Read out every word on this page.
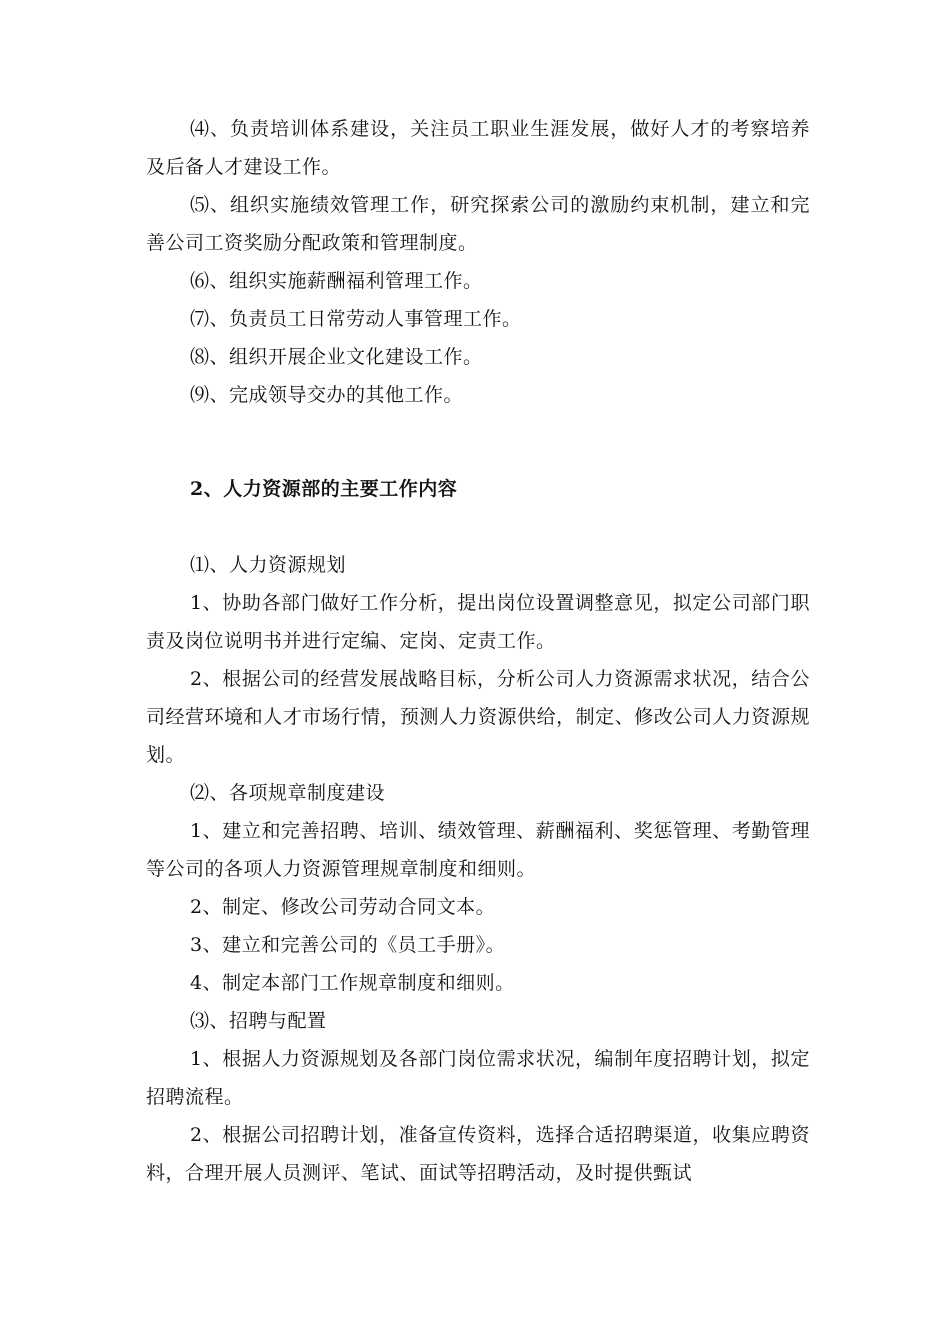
⑷、负责培训体系建设，关注员工职业生涯发展，做好人才的考察培养及后备人才建设工作。

⑸、组织实施绩效管理工作，研究探索公司的激励约束机制，建立和完善公司工资奖励分配政策和管理制度。

⑹、组织实施薪酬福利管理工作。

⑺、负责员工日常劳动人事管理工作。

⑻、组织开展企业文化建设工作。

⑼、完成领导交办的其他工作。

2、人力资源部的主要工作内容

⑴、人力资源规划

1、协助各部门做好工作分析，提出岗位设置调整意见，拟定公司部门职责及岗位说明书并进行定编、定岗、定责工作。

2、根据公司的经营发展战略目标，分析公司人力资源需求状况，结合公司经营环境和人才市场行情，预测人力资源供给，制定、修改公司人力资源规划。

⑵、各项规章制度建设

1、建立和完善招聘、培训、绩效管理、薪酬福利、奖惩管理、考勤管理等公司的各项人力资源管理规章制度和细则。

2、制定、修改公司劳动合同文本。

3、建立和完善公司的《员工手册》。

4、制定本部门工作规章制度和细则。

⑶、招聘与配置

1、根据人力资源规划及各部门岗位需求状况，编制年度招聘计划，拟定招聘流程。

2、根据公司招聘计划，准备宣传资料，选择合适招聘渠道，收集应聘资料，合理开展人员测评、笔试、面试等招聘活动，及时提供甄试
